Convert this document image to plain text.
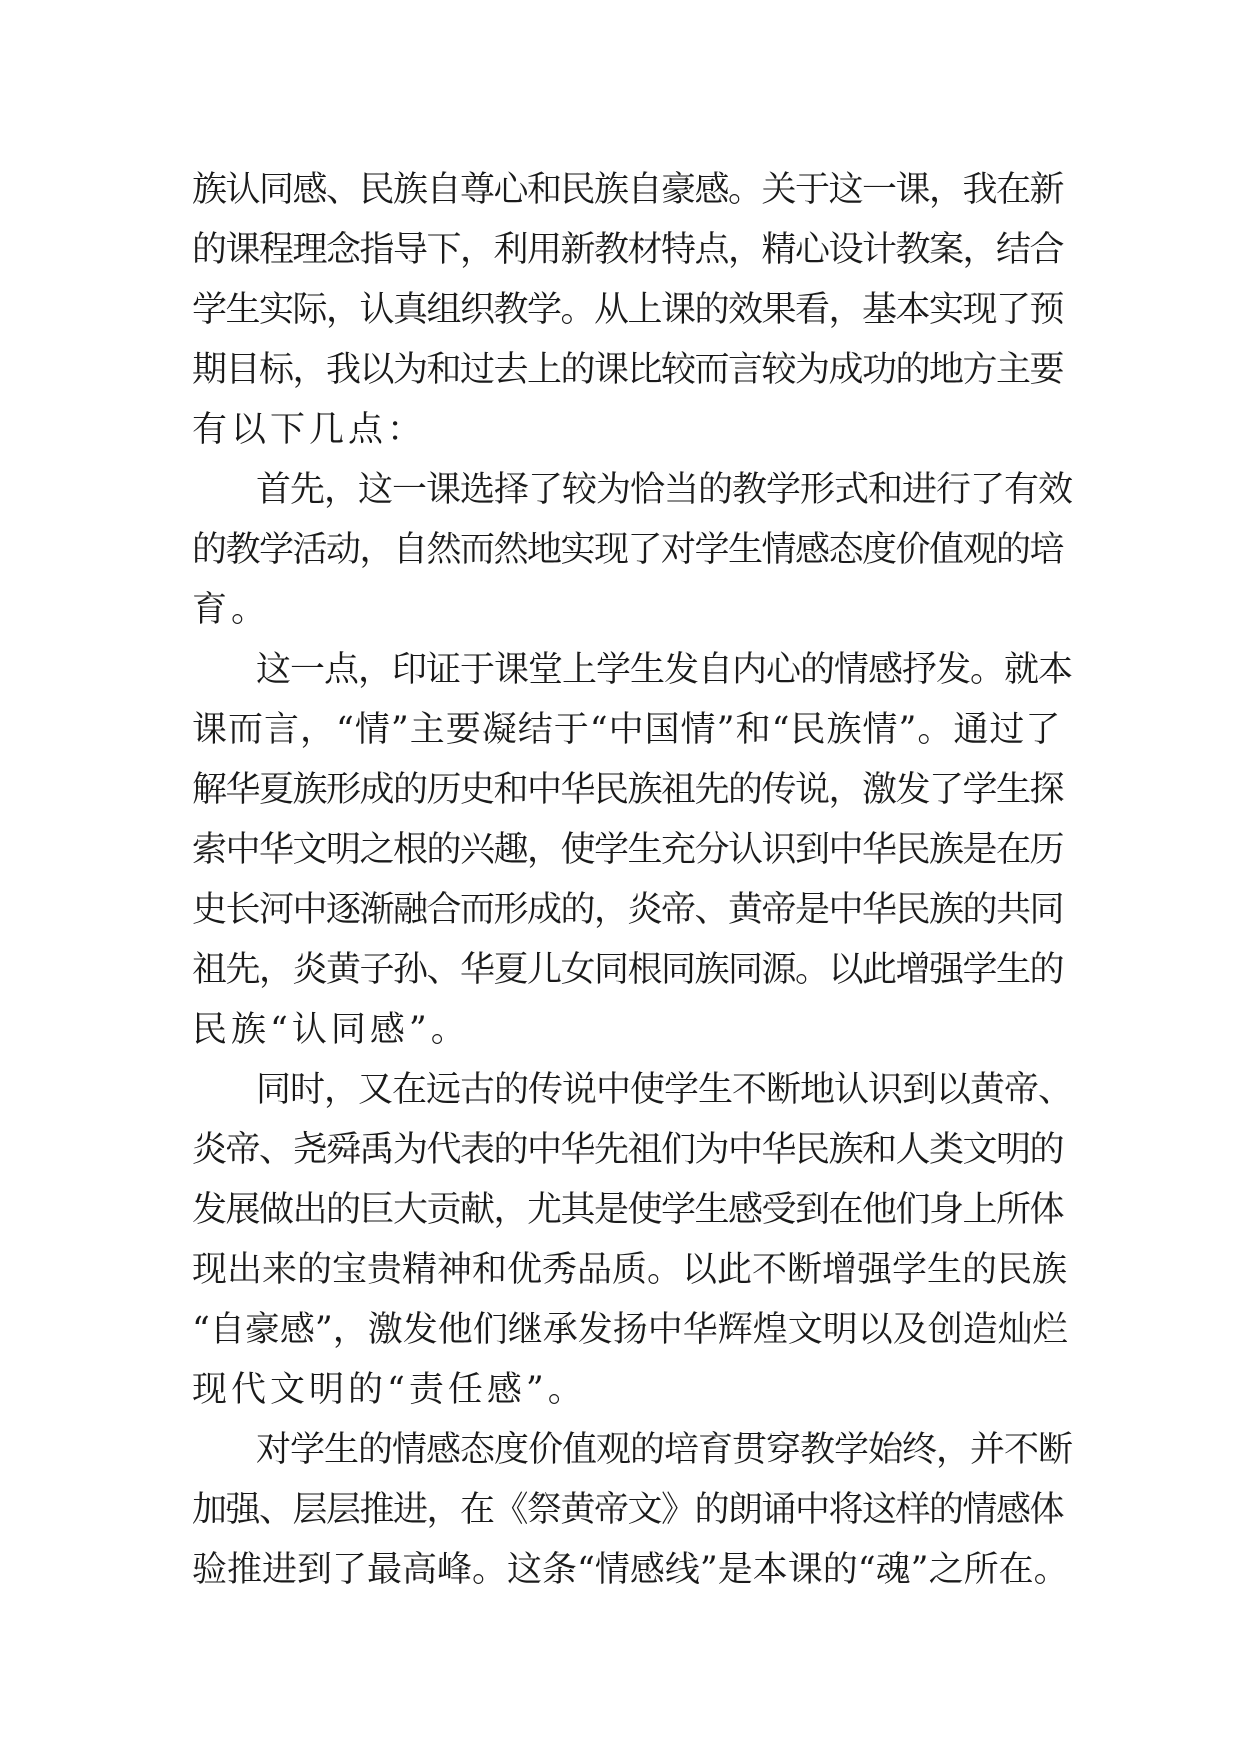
族认同感、民族自尊心和民族自豪感。关于这一课，我在新
的课程理念指导下，利用新教材特点，精心设计教案，结合
学生实际，认真组织教学。从上课的效果看，基本实现了预
期目标，我以为和过去上的课比较而言较为成功的地方主要
有以下几点：
首先，这一课选择了较为恰当的教学形式和进行了有效
的教学活动，自然而然地实现了对学生情感态度价值观的培
育。
这一点，印证于课堂上学生发自内心的情感抒发。就本
课而言，“情”主要凝结于“中国情”和“民族情”。通过了
解华夏族形成的历史和中华民族祖先的传说，激发了学生探
索中华文明之根的兴趣，使学生充分认识到中华民族是在历
史长河中逐渐融合而形成的，炎帝、黄帝是中华民族的共同
祖先，炎黄子孙、华夏儿女同根同族同源。以此增强学生的
民族“认同感”。
同时，又在远古的传说中使学生不断地认识到以黄帝、
炎帝、尧舜禹为代表的中华先祖们为中华民族和人类文明的
发展做出的巨大贡献，尤其是使学生感受到在他们身上所体
现出来的宝贵精神和优秀品质。以此不断增强学生的民族
“自豪感”，激发他们继承发扬中华辉煌文明以及创造灿烂
现代文明的“责任感”。
对学生的情感态度价值观的培育贯穿教学始终，并不断
加强、层层推进，在《祭黄帝文》的朗诵中将这样的情感体
验推进到了最高峰。这条“情感线”是本课的“魂”之所在。
